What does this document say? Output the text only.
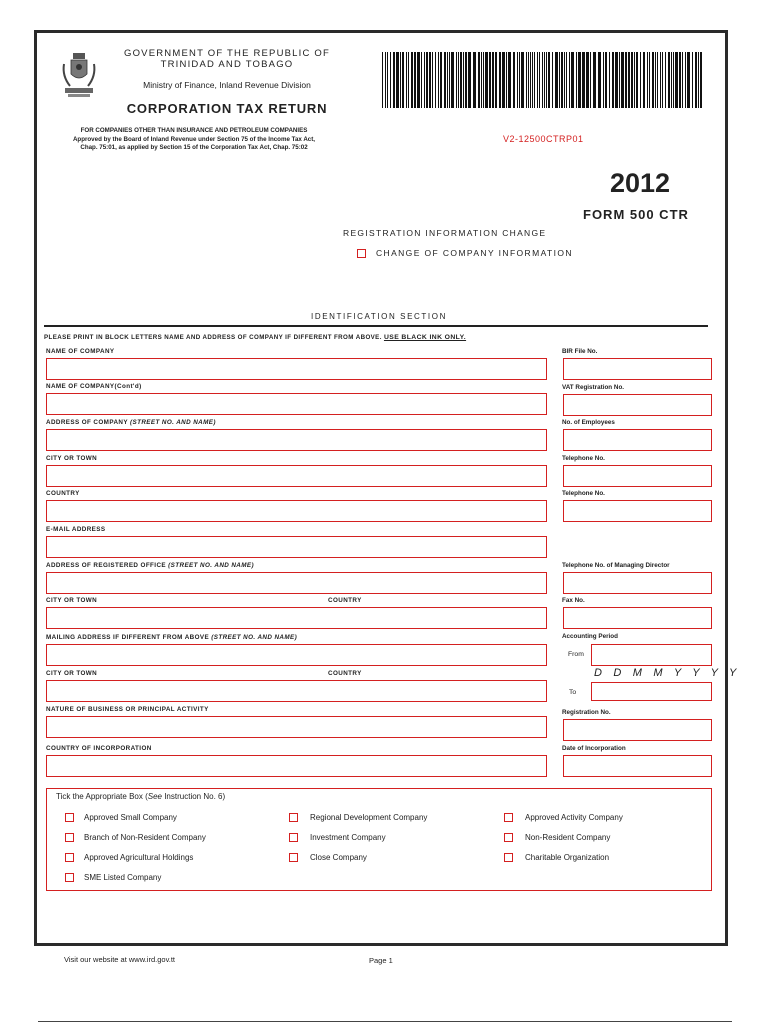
GOVERNMENT OF THE REPUBLIC OF
TRINIDAD AND TOBAGO
Ministry of Finance, Inland Revenue Division
CORPORATION TAX RETURN
FOR COMPANIES OTHER THAN INSURANCE AND PETROLEUM COMPANIES
Approved by the Board of Inland Revenue under Section 75 of the Income Tax Act,
Chap. 75:01, as applied by Section 15 of the Corporation Tax Act, Chap. 75:02
V2-12500CTRP01
2012
FORM 500 CTR
REGISTRATION INFORMATION CHANGE
CHANGE OF COMPANY INFORMATION
IDENTIFICATION SECTION
PLEASE PRINT IN BLOCK LETTERS NAME AND ADDRESS OF COMPANY IF DIFFERENT FROM ABOVE. USE BLACK INK ONLY.
NAME OF COMPANY
NAME OF COMPANY(Cont'd)
ADDRESS OF COMPANY (STREET NO. AND NAME)
CITY OR TOWN
COUNTRY
E-MAIL ADDRESS
ADDRESS OF REGISTERED OFFICE (STREET NO. AND NAME)
CITY OR TOWN	COUNTRY
MAILING ADDRESS IF DIFFERENT FROM ABOVE (STREET NO. AND NAME)
CITY OR TOWN	COUNTRY
NATURE OF BUSINESS OR PRINCIPAL ACTIVITY
COUNTRY OF INCORPORATION
BIR File No.
VAT Registration No.
No. of Employees
Telephone No.
Telephone No.
Telephone No. of Managing Director
Fax No.
Accounting Period
From
D D M M Y Y Y Y
To
Registration No.
Date of Incorporation
Tick the Appropriate Box (See Instruction No. 6)
Approved Small Company
Branch of Non-Resident Company
Approved Agricultural Holdings
SME Listed Company
Regional Development Company
Investment Company
Close Company
Approved Activity Company
Non-Resident Company
Charitable Organization
Visit our website at www.ird.gov.tt	Page 1
